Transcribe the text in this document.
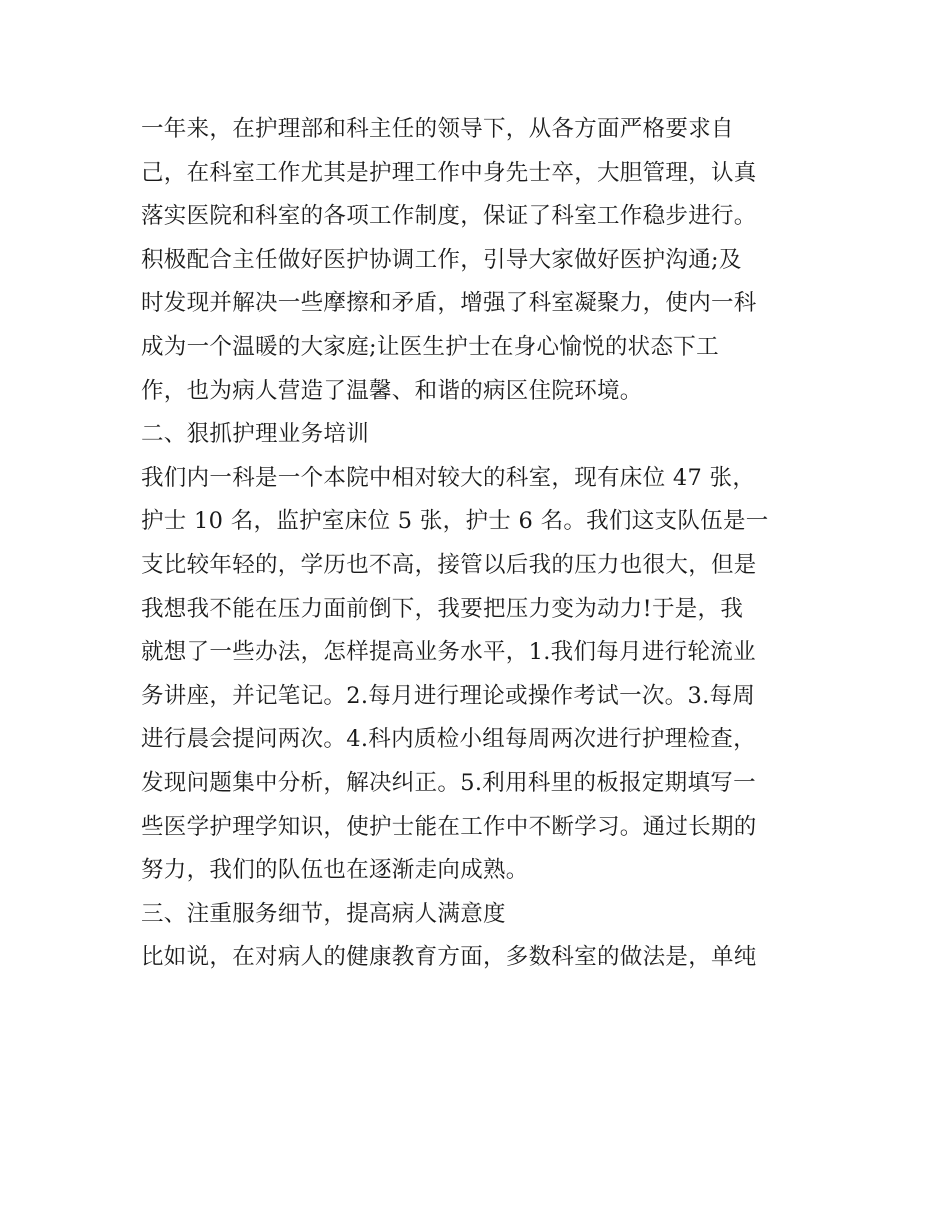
一年来，在护理部和科主任的领导下，从各方面严格要求自
己，在科室工作尤其是护理工作中身先士卒，大胆管理，认真
落实医院和科室的各项工作制度，保证了科室工作稳步进行。
积极配合主任做好医护协调工作，引导大家做好医护沟通;及
时发现并解决一些摩擦和矛盾，增强了科室凝聚力，使内一科
成为一个温暖的大家庭;让医生护士在身心愉悦的状态下工
作，也为病人营造了温馨、和谐的病区住院环境。
二、狠抓护理业务培训
我们内一科是一个本院中相对较大的科室，现有床位 47 张，
护士 10 名，监护室床位 5 张，护士 6 名。我们这支队伍是一
支比较年轻的，学历也不高，接管以后我的压力也很大，但是
我想我不能在压力面前倒下，我要把压力变为动力!于是，我
就想了一些办法，怎样提高业务水平，1.我们每月进行轮流业
务讲座，并记笔记。2.每月进行理论或操作考试一次。3.每周
进行晨会提问两次。4.科内质检小组每周两次进行护理检查，
发现问题集中分析，解决纠正。5.利用科里的板报定期填写一
些医学护理学知识，使护士能在工作中不断学习。通过长期的
努力，我们的队伍也在逐渐走向成熟。
三、注重服务细节，提高病人满意度
比如说，在对病人的健康教育方面，多数科室的做法是，单纯
